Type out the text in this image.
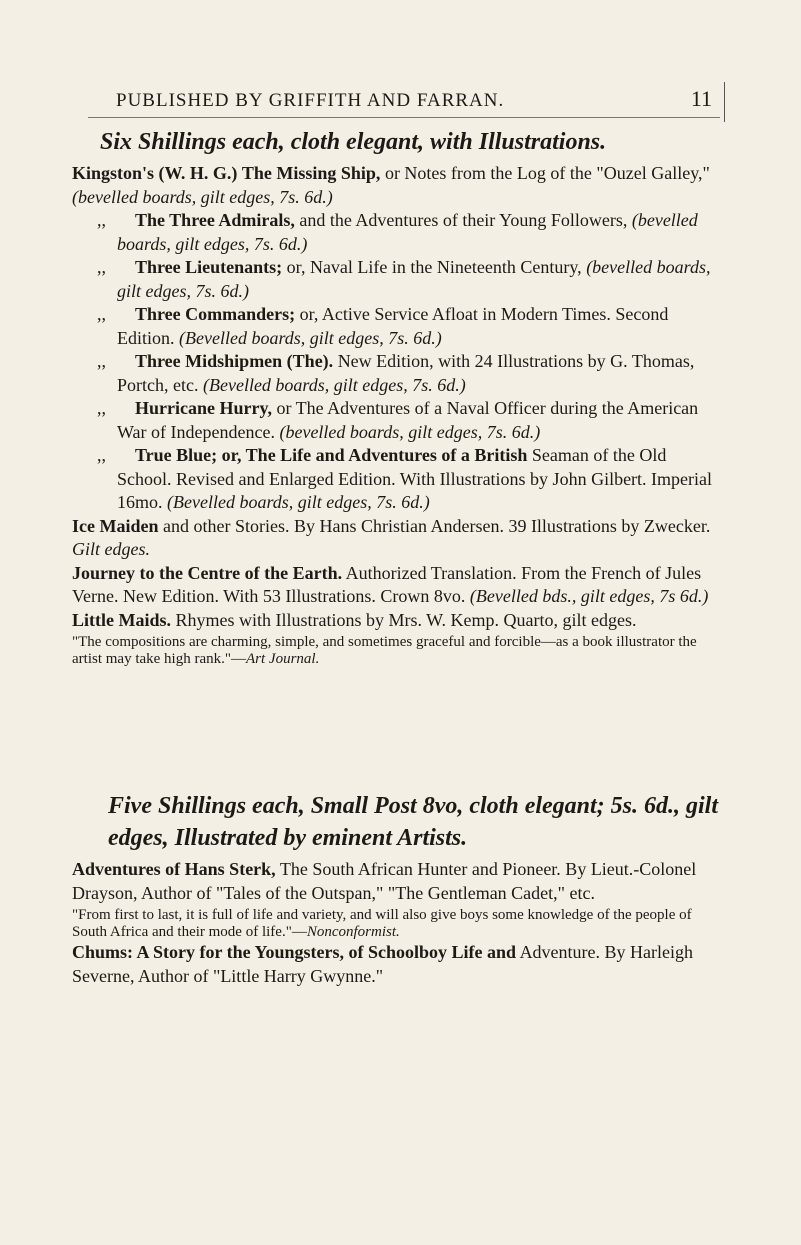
PUBLISHED BY GRIFFITH AND FARRAN.	11

Six Shillings each, cloth elegant, with Illustrations.

Kingston's (W. H. G.) The Missing Ship, or Notes from the Log of the "Ouzel Galley," (bevelled boards, gilt edges, 7s. 6d.)

,, The Three Admirals, and the Adventures of their Young Followers, (bevelled boards, gilt edges, 7s. 6d.)

,, Three Lieutenants; or, Naval Life in the Nineteenth Century, (bevelled boards, gilt edges, 7s. 6d.)

,, Three Commanders; or, Active Service Afloat in Modern Times. Second Edition. (Bevelled boards, gilt edges, 7s. 6d.)

,, Three Midshipmen (The). New Edition, with 24 Illustrations by G. Thomas, Portch, etc. (Bevelled boards, gilt edges, 7s. 6d.)

,, Hurricane Hurry, or The Adventures of a Naval Officer during the American War of Independence. (bevelled boards, gilt edges, 7s. 6d.)

,, True Blue; or, The Life and Adventures of a British Seaman of the Old School. Revised and Enlarged Edition. With Illustrations by John Gilbert. Imperial 16mo. (Bevelled boards, gilt edges, 7s. 6d.)

Ice Maiden and other Stories. By Hans Christian Andersen. 39 Illustrations by Zwecker. Gilt edges.

Journey to the Centre of the Earth. Authorized Translation. From the French of Jules Verne. New Edition. With 53 Illustrations. Crown 8vo. (Bevelled bds., gilt edges, 7s 6d.)

Little Maids. Rhymes with Illustrations by Mrs. W. Kemp. Quarto, gilt edges.
"The compositions are charming, simple, and sometimes graceful and forcible—as a book illustrator the artist may take high rank."—Art Journal.

Five Shillings each, Small Post 8vo, cloth elegant; 5s. 6d., gilt edges, Illustrated by eminent Artists.

Adventures of Hans Sterk, The South African Hunter and Pioneer. By Lieut.-Colonel Drayson, Author of "Tales of the Outspan," "The Gentleman Cadet," etc.
"From first to last, it is full of life and variety, and will also give boys some knowledge of the people of South Africa and their mode of life."—Nonconformist.

Chums: A Story for the Youngsters, of Schoolboy Life and Adventure. By Harleigh Severne, Author of "Little Harry Gwynne."
